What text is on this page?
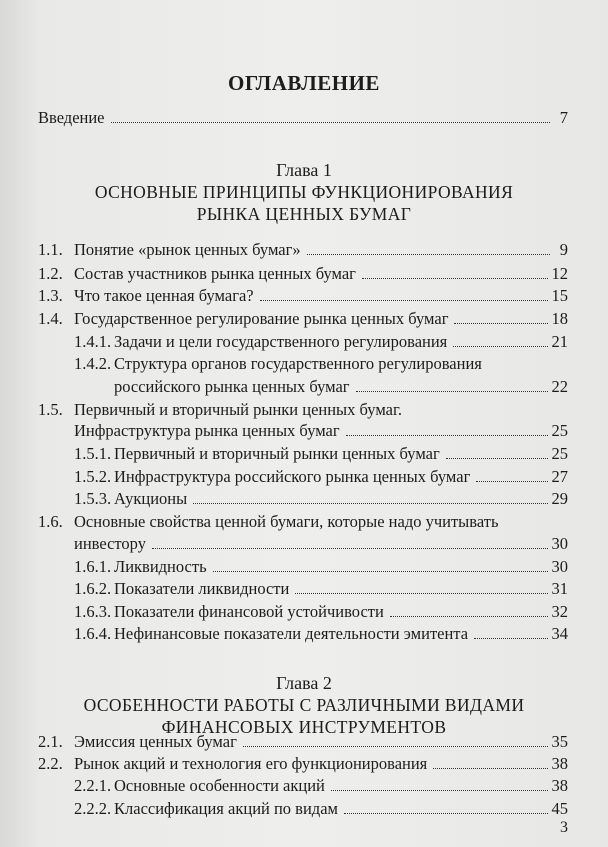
ОГЛАВЛЕНИЕ
Введение	7
Глава 1
ОСНОВНЫЕ ПРИНЦИПЫ ФУНКЦИОНИРОВАНИЯ
РЫНКА ЦЕННЫХ БУМАГ
1.1. Понятие «рынок ценных бумаг»	9
1.2. Состав участников рынка ценных бумаг	12
1.3. Что такое ценная бумага?	15
1.4. Государственное регулирование рынка ценных бумаг	18
1.4.1. Задачи и цели государственного регулирования	21
1.4.2. Структура органов государственного регулирования
российского рынка ценных бумаг	22
1.5. Первичный и вторичный рынки ценных бумаг.
Инфраструктура рынка ценных бумаг	25
1.5.1. Первичный и вторичный рынки ценных бумаг	25
1.5.2. Инфраструктура российского рынка ценных бумаг	27
1.5.3. Аукционы	29
1.6. Основные свойства ценной бумаги, которые надо учитывать
инвестору	30
1.6.1. Ликвидность	30
1.6.2. Показатели ликвидности	31
1.6.3. Показатели финансовой устойчивости	32
1.6.4. Нефинансовые показатели деятельности эмитента	34
Глава 2
ОСОБЕННОСТИ РАБОТЫ С РАЗЛИЧНЫМИ ВИДАМИ
ФИНАНСОВЫХ ИНСТРУМЕНТОВ
2.1. Эмиссия ценных бумаг	35
2.2. Рынок акций и технология его функционирования	38
2.2.1. Основные особенности акций	38
2.2.2. Классификация акций по видам	45
3
